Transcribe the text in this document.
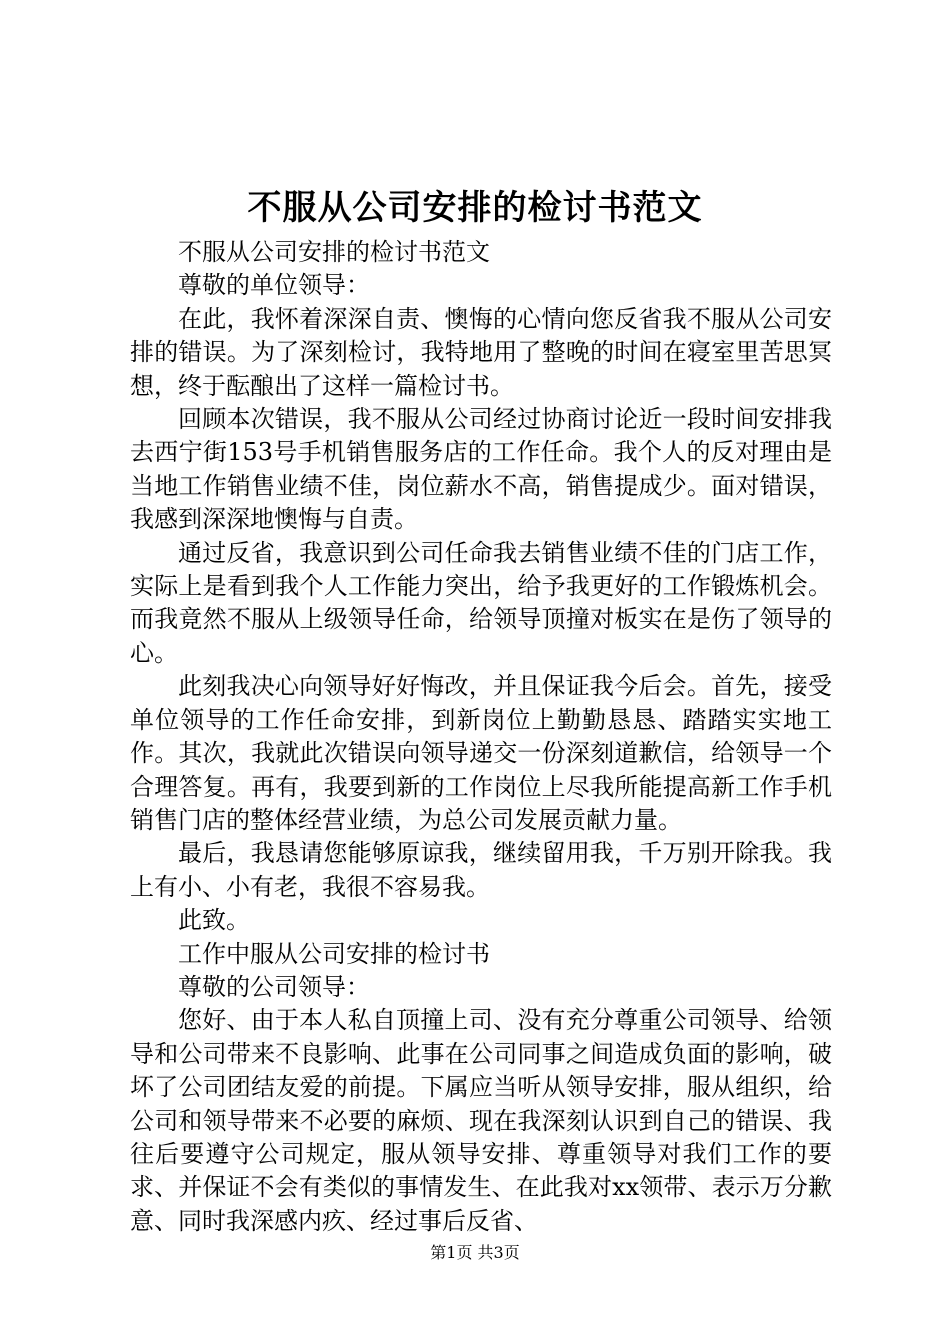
不服从公司安排的检讨书范文

不服从公司安排的检讨书范文

尊敬的单位领导：

在此，我怀着深深自责、懊悔的心情向您反省我不服从公司安排的错误。为了深刻检讨，我特地用了整晚的时间在寝室里苦思冥想，终于酝酿出了这样一篇检讨书。

回顾本次错误，我不服从公司经过协商讨论近一段时间安排我去西宁街153号手机销售服务店的工作任命。我个人的反对理由是当地工作销售业绩不佳，岗位薪水不高，销售提成少。面对错误，我感到深深地懊悔与自责。

通过反省，我意识到公司任命我去销售业绩不佳的门店工作，实际上是看到我个人工作能力突出，给予我更好的工作锻炼机会。而我竟然不服从上级领导任命，给领导顶撞对板实在是伤了领导的心。

此刻我决心向领导好好悔改，并且保证我今后会。首先，接受单位领导的工作任命安排，到新岗位上勤勤恳恳、踏踏实实地工作。其次，我就此次错误向领导递交一份深刻道歉信，给领导一个合理答复。再有，我要到新的工作岗位上尽我所能提高新工作手机销售门店的整体经营业绩，为总公司发展贡献力量。

最后，我恳请您能够原谅我，继续留用我，千万别开除我。我上有小、小有老，我很不容易我。

此致。

工作中服从公司安排的检讨书

尊敬的公司领导：

您好、由于本人私自顶撞上司、没有充分尊重公司领导、给领导和公司带来不良影响、此事在公司同事之间造成负面的影响，破坏了公司团结友爱的前提。下属应当听从领导安排，服从组织，给公司和领导带来不必要的麻烦、现在我深刻认识到自己的错误、我往后要遵守公司规定，服从领导安排、尊重领导对我们工作的要求、并保证不会有类似的事情发生、在此我对xx领带、表示万分歉意、同时我深感内疚、经过事后反省、

第1页 共3页
